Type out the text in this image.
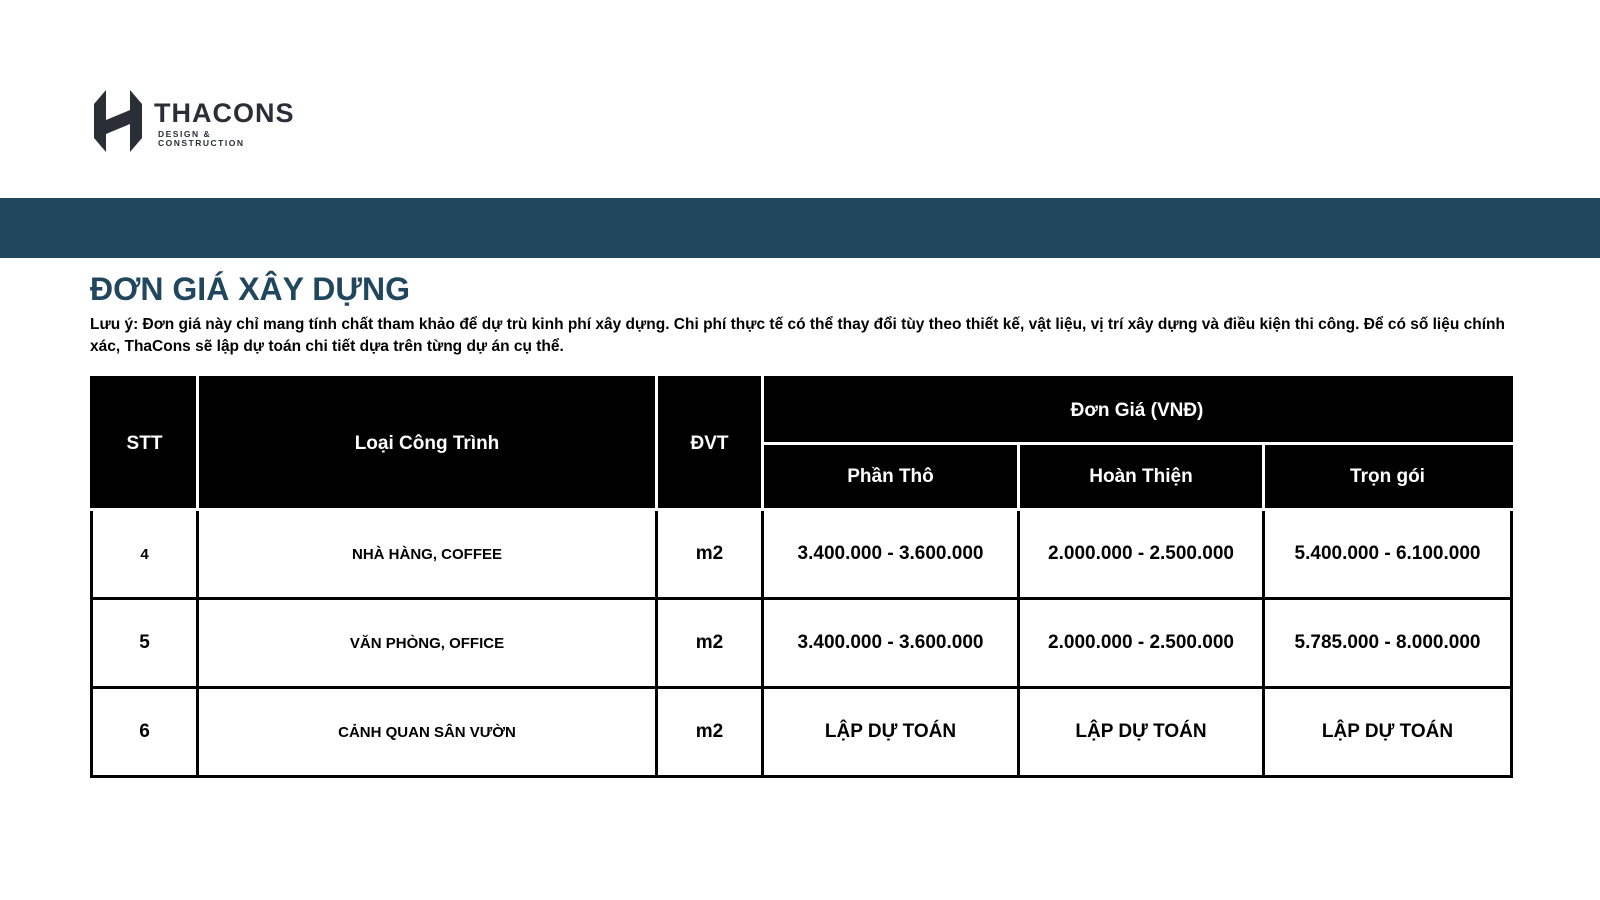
THACONS
DESIGN & CONSTRUCTION
ĐƠN GIÁ XÂY DỰNG

Lưu ý: Đơn giá này chỉ mang tính chất tham khảo để dự trù kinh phí xây dựng. Chi phí thực tế có thể thay đổi tùy theo thiết kế, vật liệu, vị trí xây dựng và điều kiện thi công. Để có số liệu chính xác, ThaCons sẽ lập dự toán chi tiết dựa trên từng dự án cụ thể.

STT	Loại Công Trình	ĐVT	Đơn Giá (VNĐ)		
			Phần Thô	Hoàn Thiện	Trọn gói
4	NHÀ HÀNG, COFFEE	m2	3.400.000 - 3.600.000	2.000.000 - 2.500.000	5.400.000 - 6.100.000
5	VĂN PHÒNG, OFFICE	m2	3.400.000 - 3.600.000	2.000.000 - 2.500.000	5.785.000 - 8.000.000
6	CẢNH QUAN SÂN VƯỜN	m2	LẬP DỰ TOÁN	LẬP DỰ TOÁN	LẬP DỰ TOÁN
